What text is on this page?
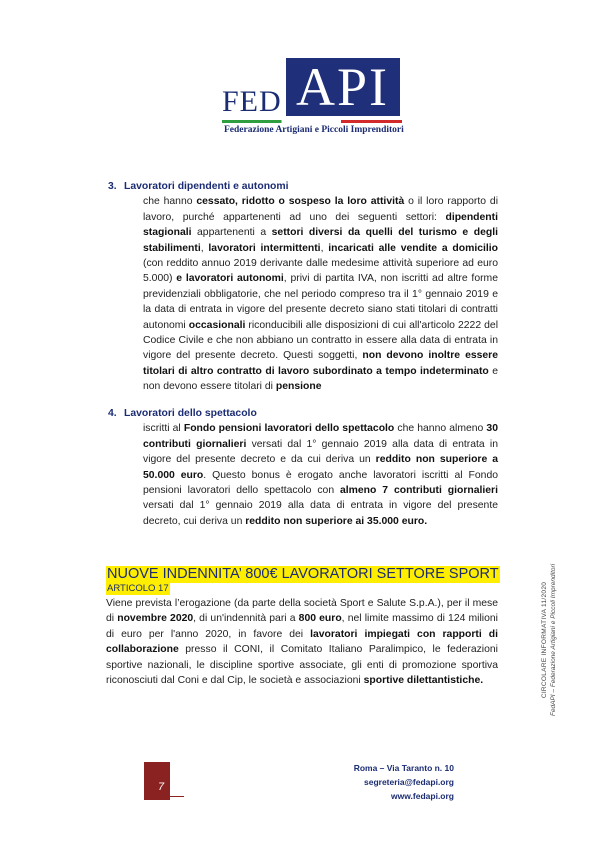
FED API
Federazione Artigiani e Piccoli Imprenditori
3. Lavoratori dipendenti e autonomi
che hanno cessato, ridotto o sospeso la loro attività o il loro rapporto di lavoro, purché appartenenti ad uno dei seguenti settori: dipendenti stagionali appartenenti a settori diversi da quelli del turismo e degli stabilimenti, lavoratori intermittenti, incaricati alle vendite a domicilio (con reddito annuo 2019 derivante dalle medesime attività superiore ad euro 5.000) e lavoratori autonomi, privi di partita IVA, non iscritti ad altre forme previdenziali obbligatorie, che nel periodo compreso tra il 1° gennaio 2019 e la data di entrata in vigore del presente decreto siano stati titolari di contratti autonomi occasionali riconducibili alle disposizioni di cui all'articolo 2222 del Codice Civile e che non abbiano un contratto in essere alla data di entrata in vigore del presente decreto. Questi soggetti, non devono inoltre essere titolari di altro contratto di lavoro subordinato a tempo indeterminato e non devono essere titolari di pensione
4. Lavoratori dello spettacolo
iscritti al Fondo pensioni lavoratori dello spettacolo che hanno almeno 30 contributi giornalieri versati dal 1° gennaio 2019 alla data di entrata in vigore del presente decreto e da cui deriva un reddito non superiore a 50.000 euro. Questo bonus è erogato anche lavoratori iscritti al Fondo pensioni lavoratori dello spettacolo con almeno 7 contributi giornalieri versati dal 1° gennaio 2019 alla data di entrata in vigore del presente decreto, cui deriva un reddito non superiore ai 35.000 euro.
NUOVE INDENNITA’ 800€ LAVORATORI SETTORE SPORT
ARTICOLO 17
Viene prevista l’erogazione (da parte della società Sport e Salute S.p.A.), per il mese di novembre 2020, di un'indennità pari a 800 euro, nel limite massimo di 124 milioni di euro per l'anno 2020, in favore dei lavoratori impiegati con rapporti di collaborazione presso il CONI, il Comitato Italiano Paralimpico, le federazioni sportive nazionali, le discipline sportive associate, gli enti di promozione sportiva riconosciuti dal Coni e dal Cip, le società e associazioni sportive dilettantistiche.	CIRCOLARE INFORMATIVA 11/2020 FedAPI – Federazione Artigiani e Piccoli Imprenditori
7
Roma – Via Taranto n. 10
segreteria@fedapi.org
www.fedapi.org
